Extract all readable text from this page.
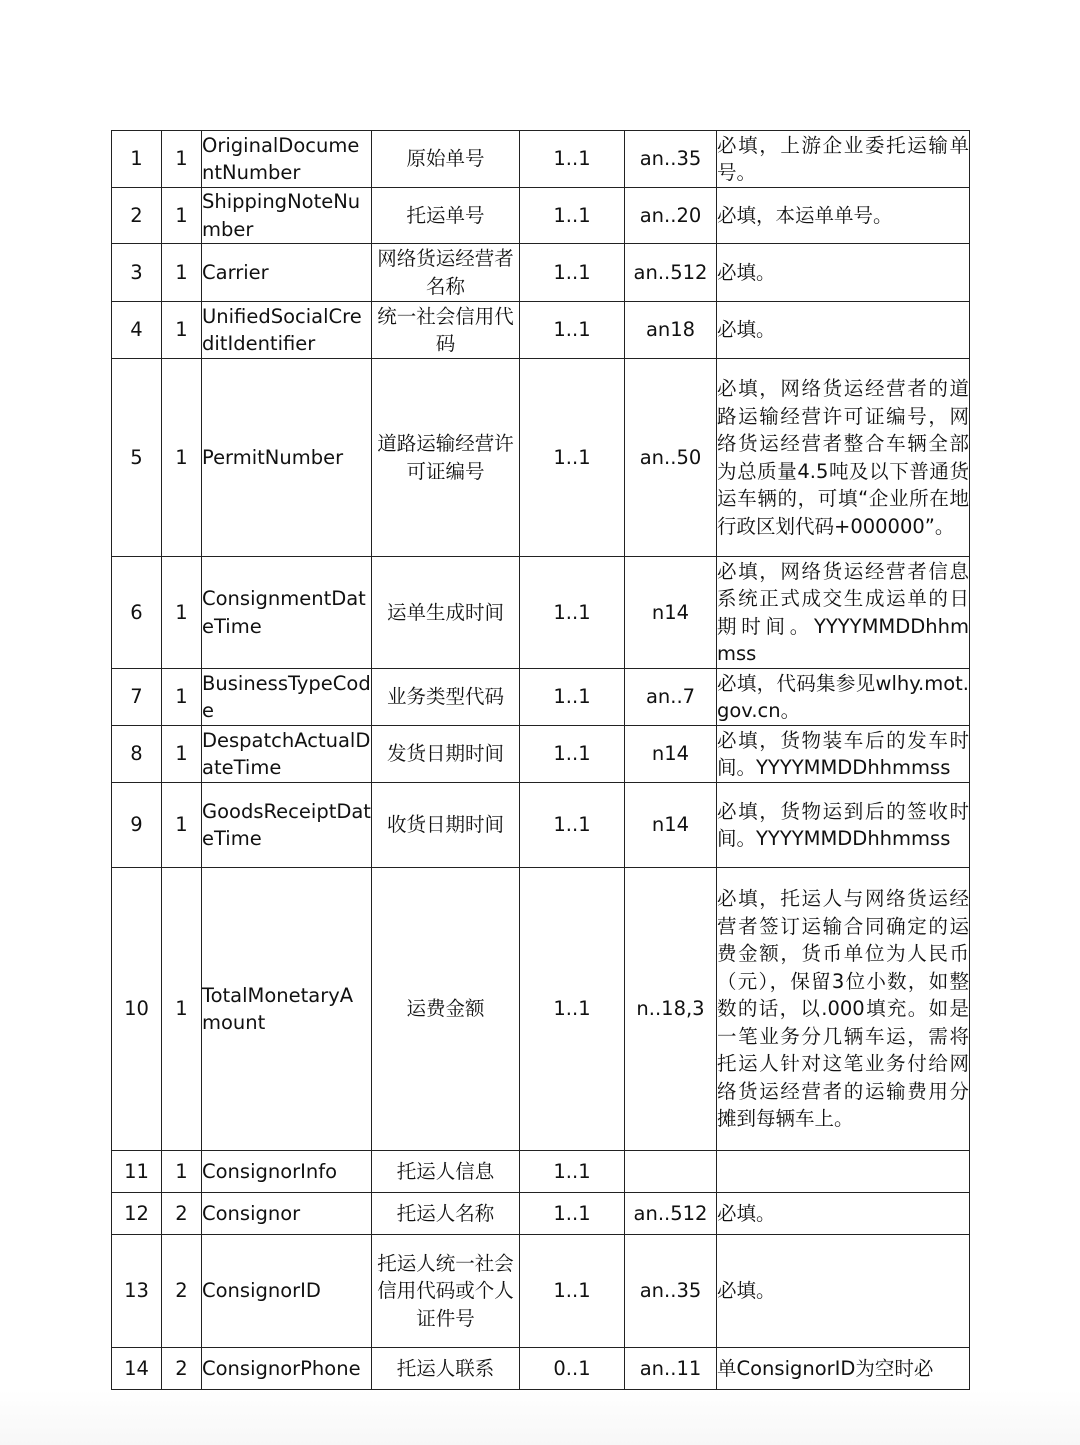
1	1	OriginalDocumentNumber	原始单号	1..1	an..35	必填，上游企业委托运输单号。

2	1	ShippingNoteNumber	托运单号	1..1	an..20	必填，本运单单号。

3	1	Carrier	网络货运经营者名称	1..1	an..512	必填。

4	1	UnifiedSocialCreditIdentifier	统一社会信用代码	1..1	an18	必填。

5	1	PermitNumber	道路运输经营许可证编号	1..1	an..50	必填，网络货运经营者的道路运输经营许可证编号，网络货运经营者整合车辆全部为总质量4.5吨及以下普通货运车辆的，可填“企业所在地行政区划代码+000000”。

6	1	ConsignmentDateTime	运单生成时间	1..1	n14	必填，网络货运经营者信息系统正式成交生成运单的日期时间。YYYYMMDDhhmmss

7	1	BusinessTypeCode	业务类型代码	1..1	an..7	必填，代码集参见wlhy.mot.gov.cn。

8	1	DespatchActualDateTime	发货日期时间	1..1	n14	必填，货物装车后的发车时间。YYYYMMDDhhmmss

9	1	GoodsReceiptDateTime	收货日期时间	1..1	n14	必填，货物运到后的签收时间。YYYYMMDDhhmmss

10	1	TotalMonetaryAmount	运费金额	1..1	n..18,3	必填，托运人与网络货运经营者签订运输合同确定的运费金额，货币单位为人民币（元），保留3位小数，如整数的话，以.000填充。如是一笔业务分几辆车运，需将托运人针对这笔业务付给网络货运经营者的运输费用分摊到每辆车上。

11	1	ConsignorInfo	托运人信息	1..1		

12	2	Consignor	托运人名称	1..1	an..512	必填。

13	2	ConsignorID	托运人统一社会信用代码或个人证件号	1..1	an..35	必填。

14	2	ConsignorPhone	托运人联系	0..1	an..11	单ConsignorID为空时必
